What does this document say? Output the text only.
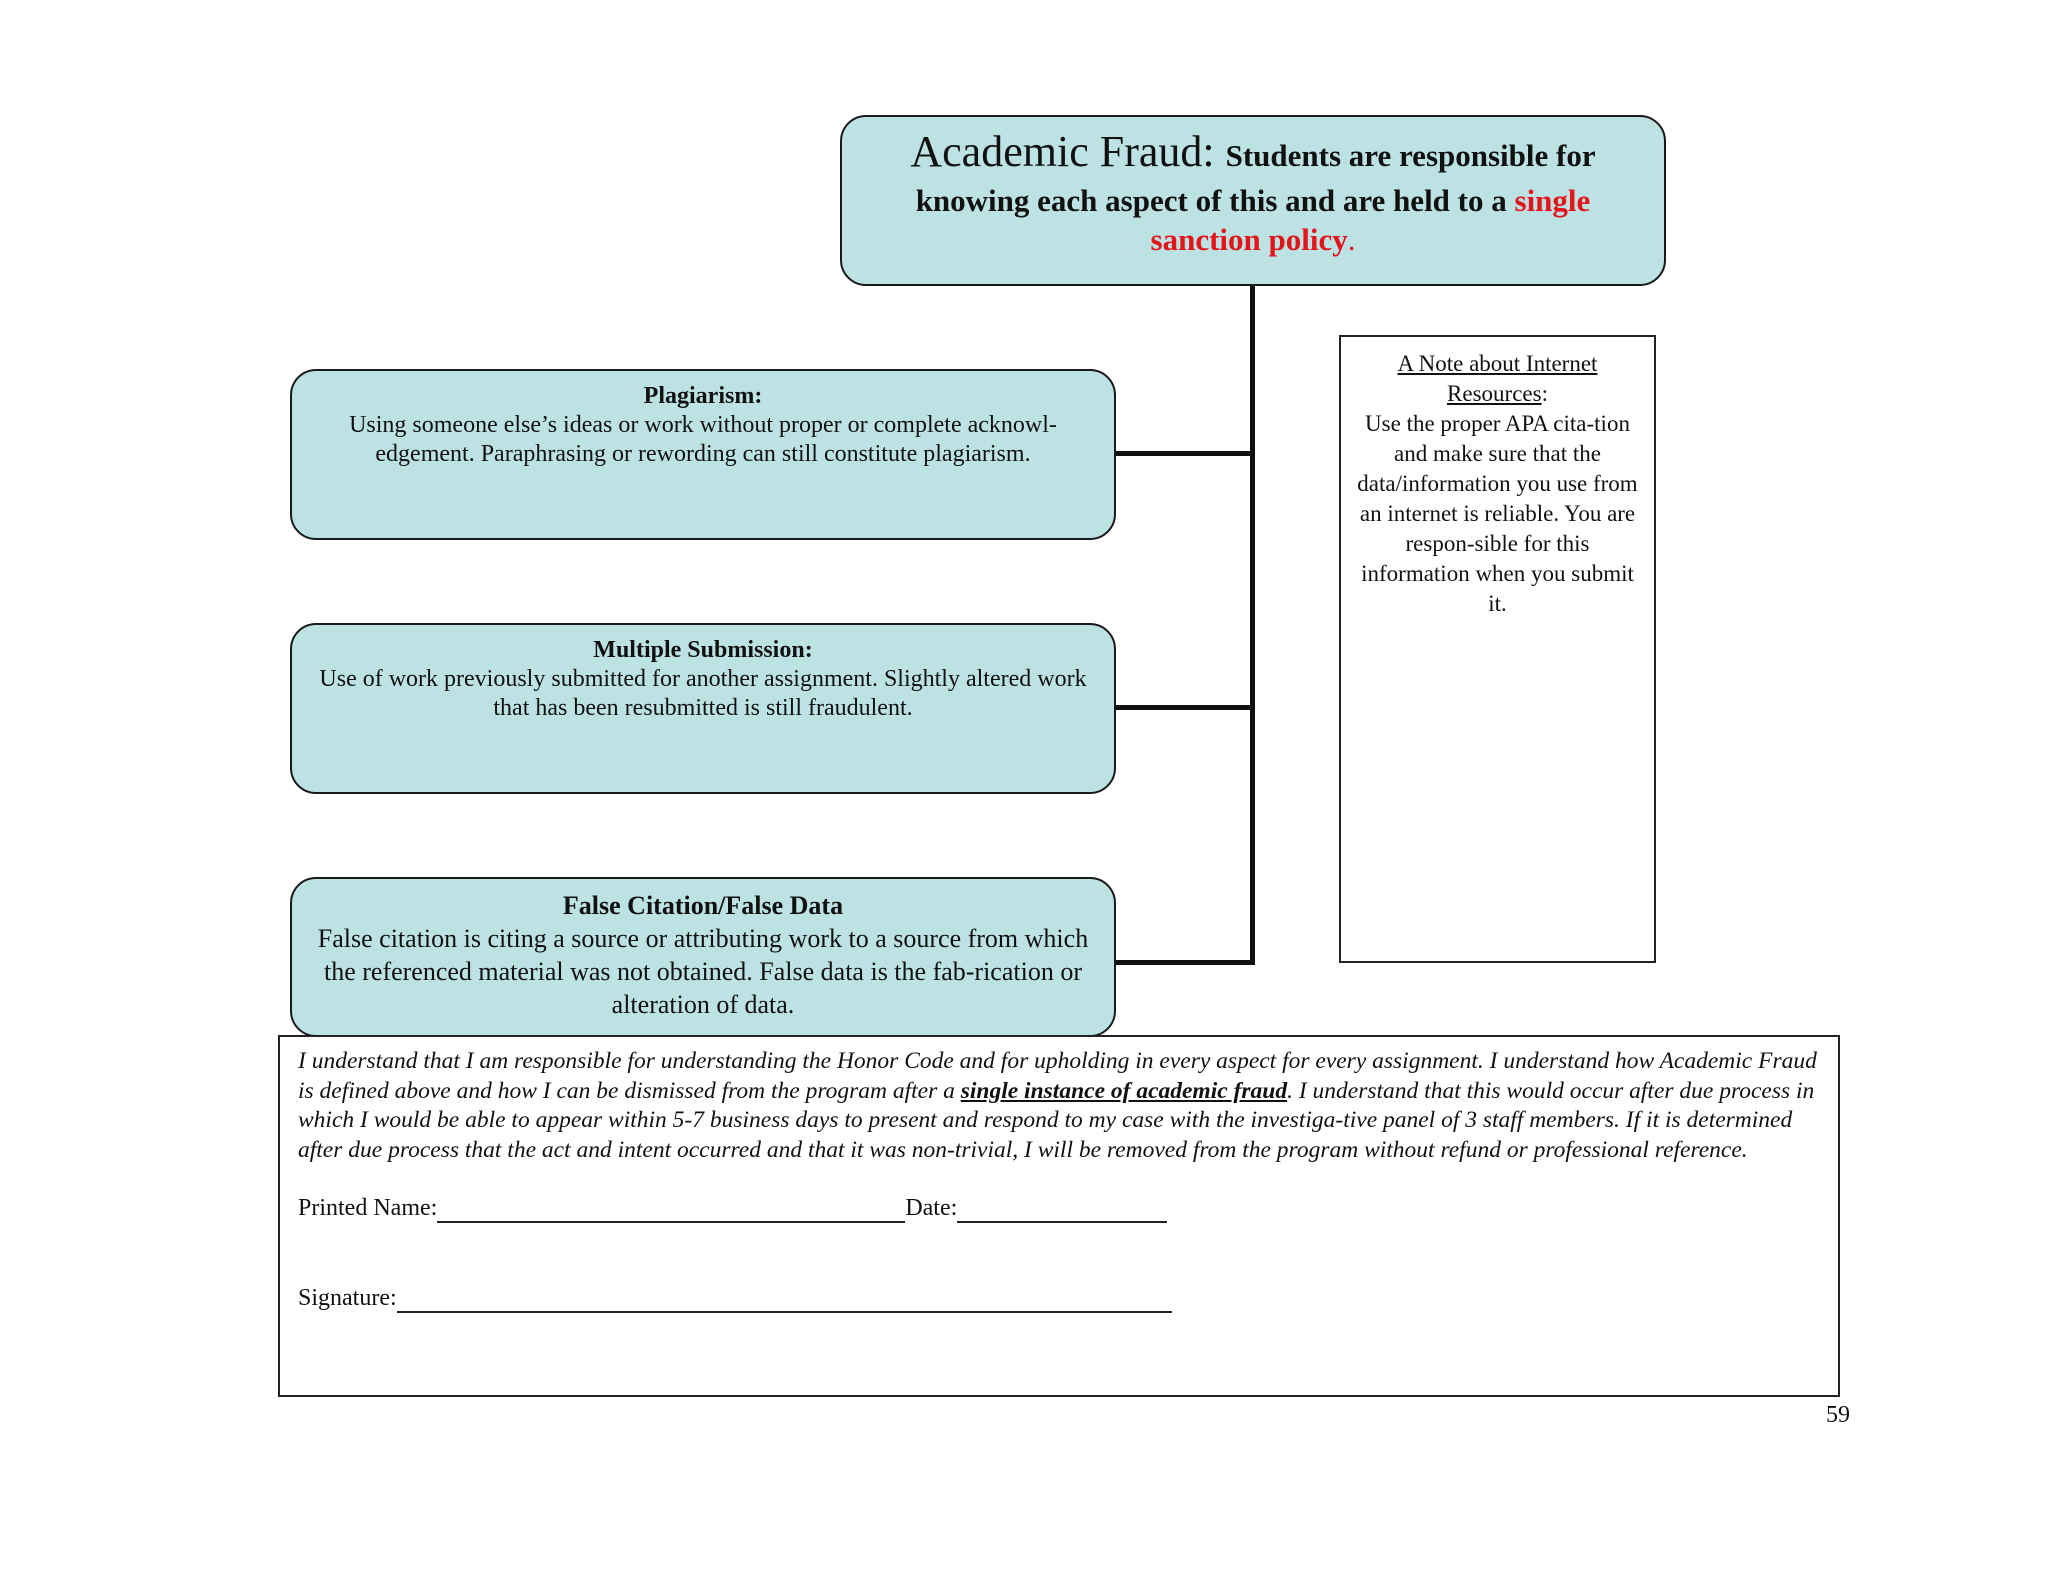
Academic Fraud: Students are responsible for
knowing each aspect of this and are held to a single
sanction policy.
Plagiarism:
Using someone else’s ideas or work without proper or complete acknowl-edgement. Paraphrasing or rewording can still constitute plagiarism.
Multiple Submission:
Use of work previously submitted for another assignment. Slightly altered work that has been resubmitted is still fraudulent.
False Citation/False Data
False citation is citing a source or attributing work to a source from which the referenced material was not obtained. False data is the fab-rication or alteration of data.
A Note about Internet Resources:
Use the proper APA cita-tion and make sure that the data/information you use from an internet is reliable. You are respon-sible for this information when you submit it.
I understand that I am responsible for understanding the Honor Code and for upholding in every aspect for every assignment. I understand how Academic Fraud is defined above and how I can be dismissed from the program after a single instance of academic fraud. I understand that this would occur after due process in which I would be able to appear within 5-7 business days to present and respond to my case with the investiga-tive panel of 3 staff members. If it is determined after due process that the act and intent occurred and that it was non-trivial, I will be removed from the program without refund or professional reference.
Printed Name:	Date:
Signature:
59
